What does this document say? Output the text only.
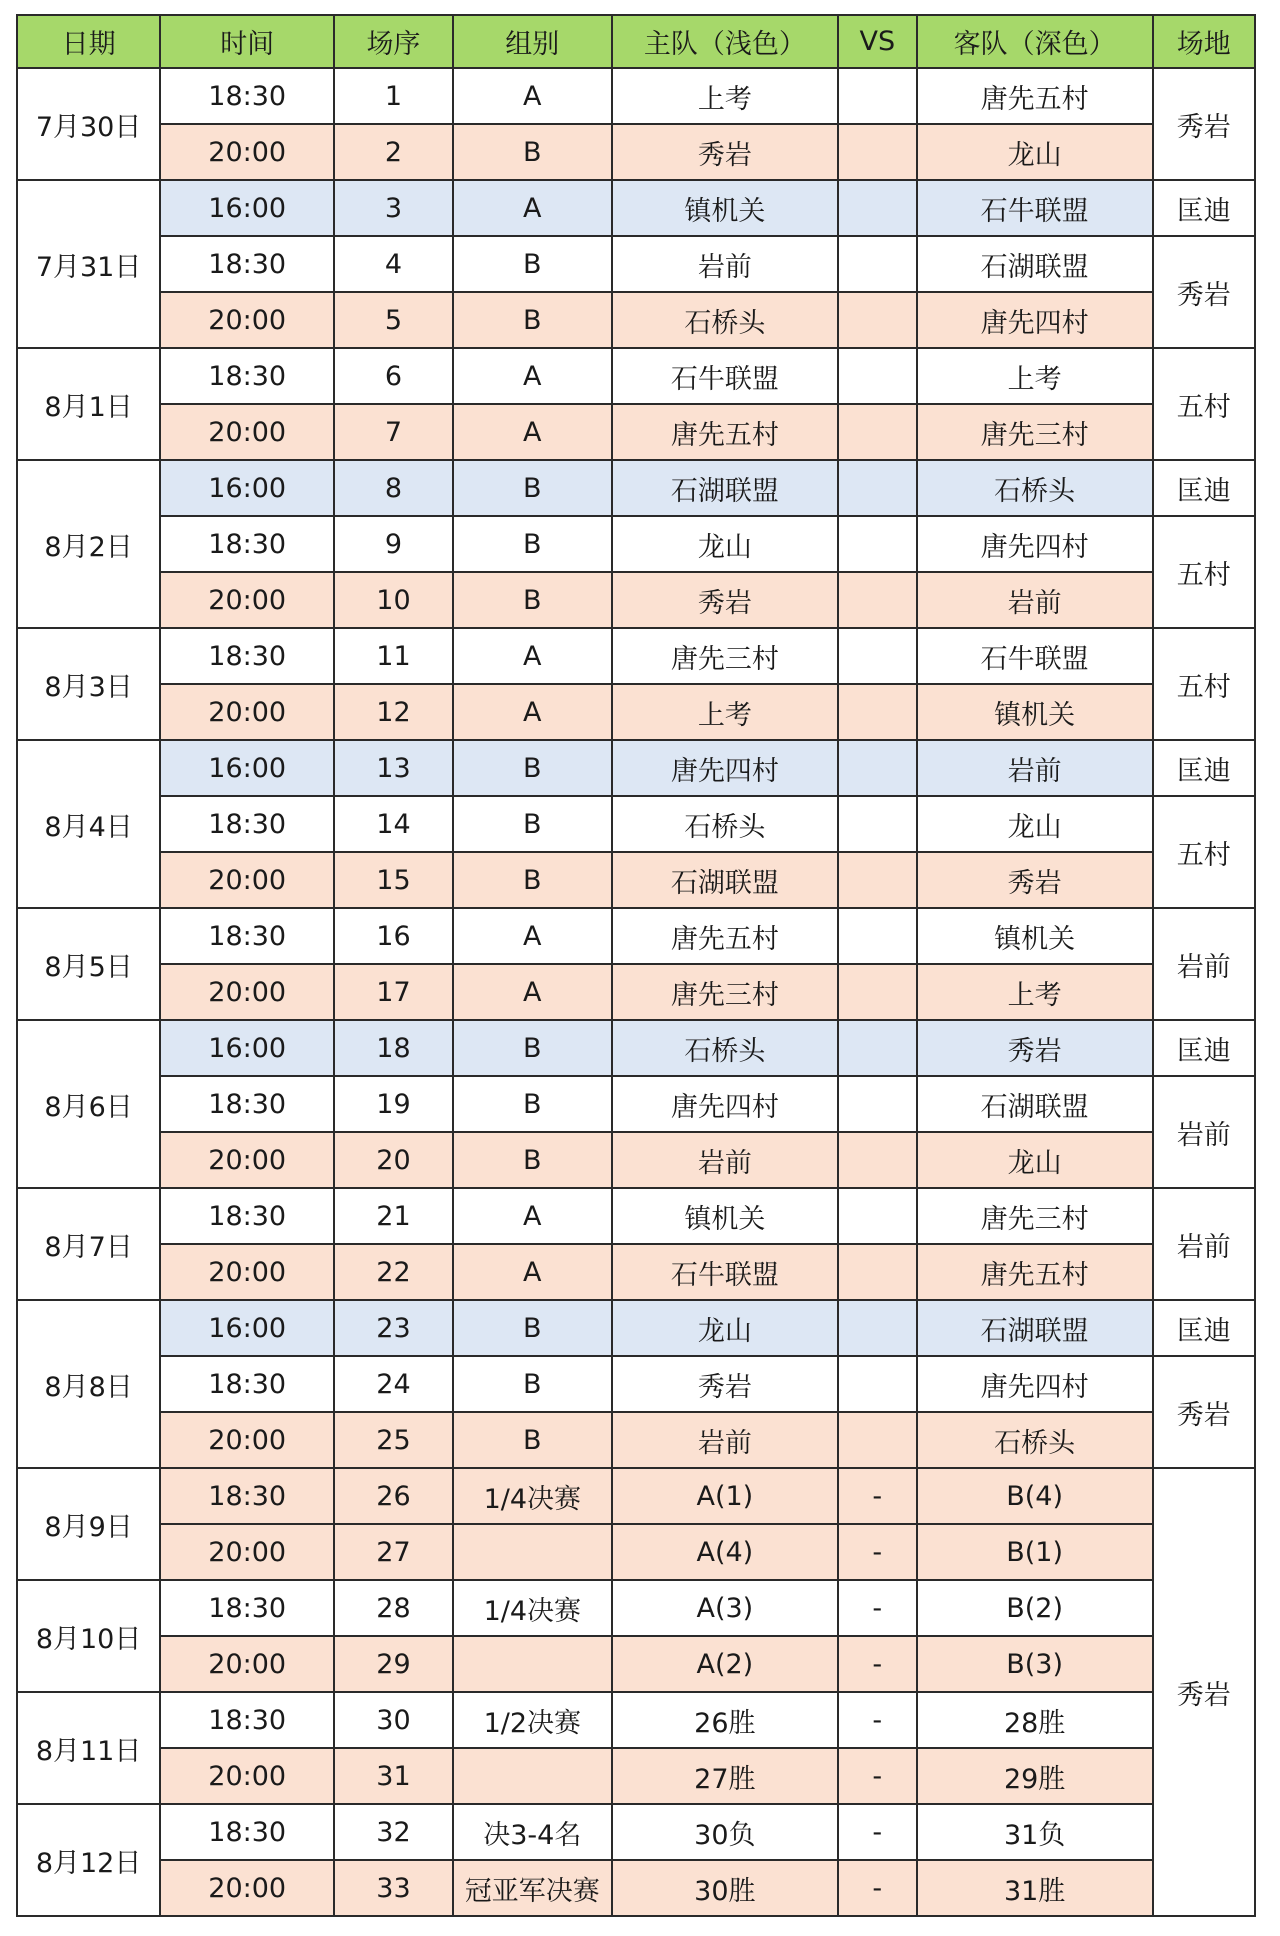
日期	时间	场序	组别	主队（浅色）	VS	客队（深色）	场地
7月30日	18:30	1	A	上考		唐先五村	秀岩
	20:00	2	B	秀岩		龙山	
7月31日	16:00	3	A	镇机关		石牛联盟	匡迪
	18:30	4	B	岩前		石湖联盟	秀岩
	20:00	5	B	石桥头		唐先四村	
8月1日	18:30	6	A	石牛联盟		上考	五村
	20:00	7	A	唐先五村		唐先三村	
8月2日	16:00	8	B	石湖联盟		石桥头	匡迪
	18:30	9	B	龙山		唐先四村	五村
	20:00	10	B	秀岩		岩前	
8月3日	18:30	11	A	唐先三村		石牛联盟	五村
	20:00	12	A	上考		镇机关	
8月4日	16:00	13	B	唐先四村		岩前	匡迪
	18:30	14	B	石桥头		龙山	五村
	20:00	15	B	石湖联盟		秀岩	
8月5日	18:30	16	A	唐先五村		镇机关	岩前
	20:00	17	A	唐先三村		上考	
8月6日	16:00	18	B	石桥头		秀岩	匡迪
	18:30	19	B	唐先四村		石湖联盟	岩前
	20:00	20	B	岩前		龙山	
8月7日	18:30	21	A	镇机关		唐先三村	岩前
	20:00	22	A	石牛联盟		唐先五村	
8月8日	16:00	23	B	龙山		石湖联盟	匡迪
	18:30	24	B	秀岩		唐先四村	秀岩
	20:00	25	B	岩前		石桥头	
8月9日	18:30	26	1/4决赛	A(1)	-	B(4)	秀岩
	20:00	27		A(4)	-	B(1)	
8月10日	18:30	28	1/4决赛	A(3)	-	B(2)	
	20:00	29		A(2)	-	B(3)	
8月11日	18:30	30	1/2决赛	26胜	-	28胜	
	20:00	31		27胜	-	29胜	
8月12日	18:30	32	决3-4名	30负	-	31负	
	20:00	33	冠亚军决赛	30胜	-	31胜	
